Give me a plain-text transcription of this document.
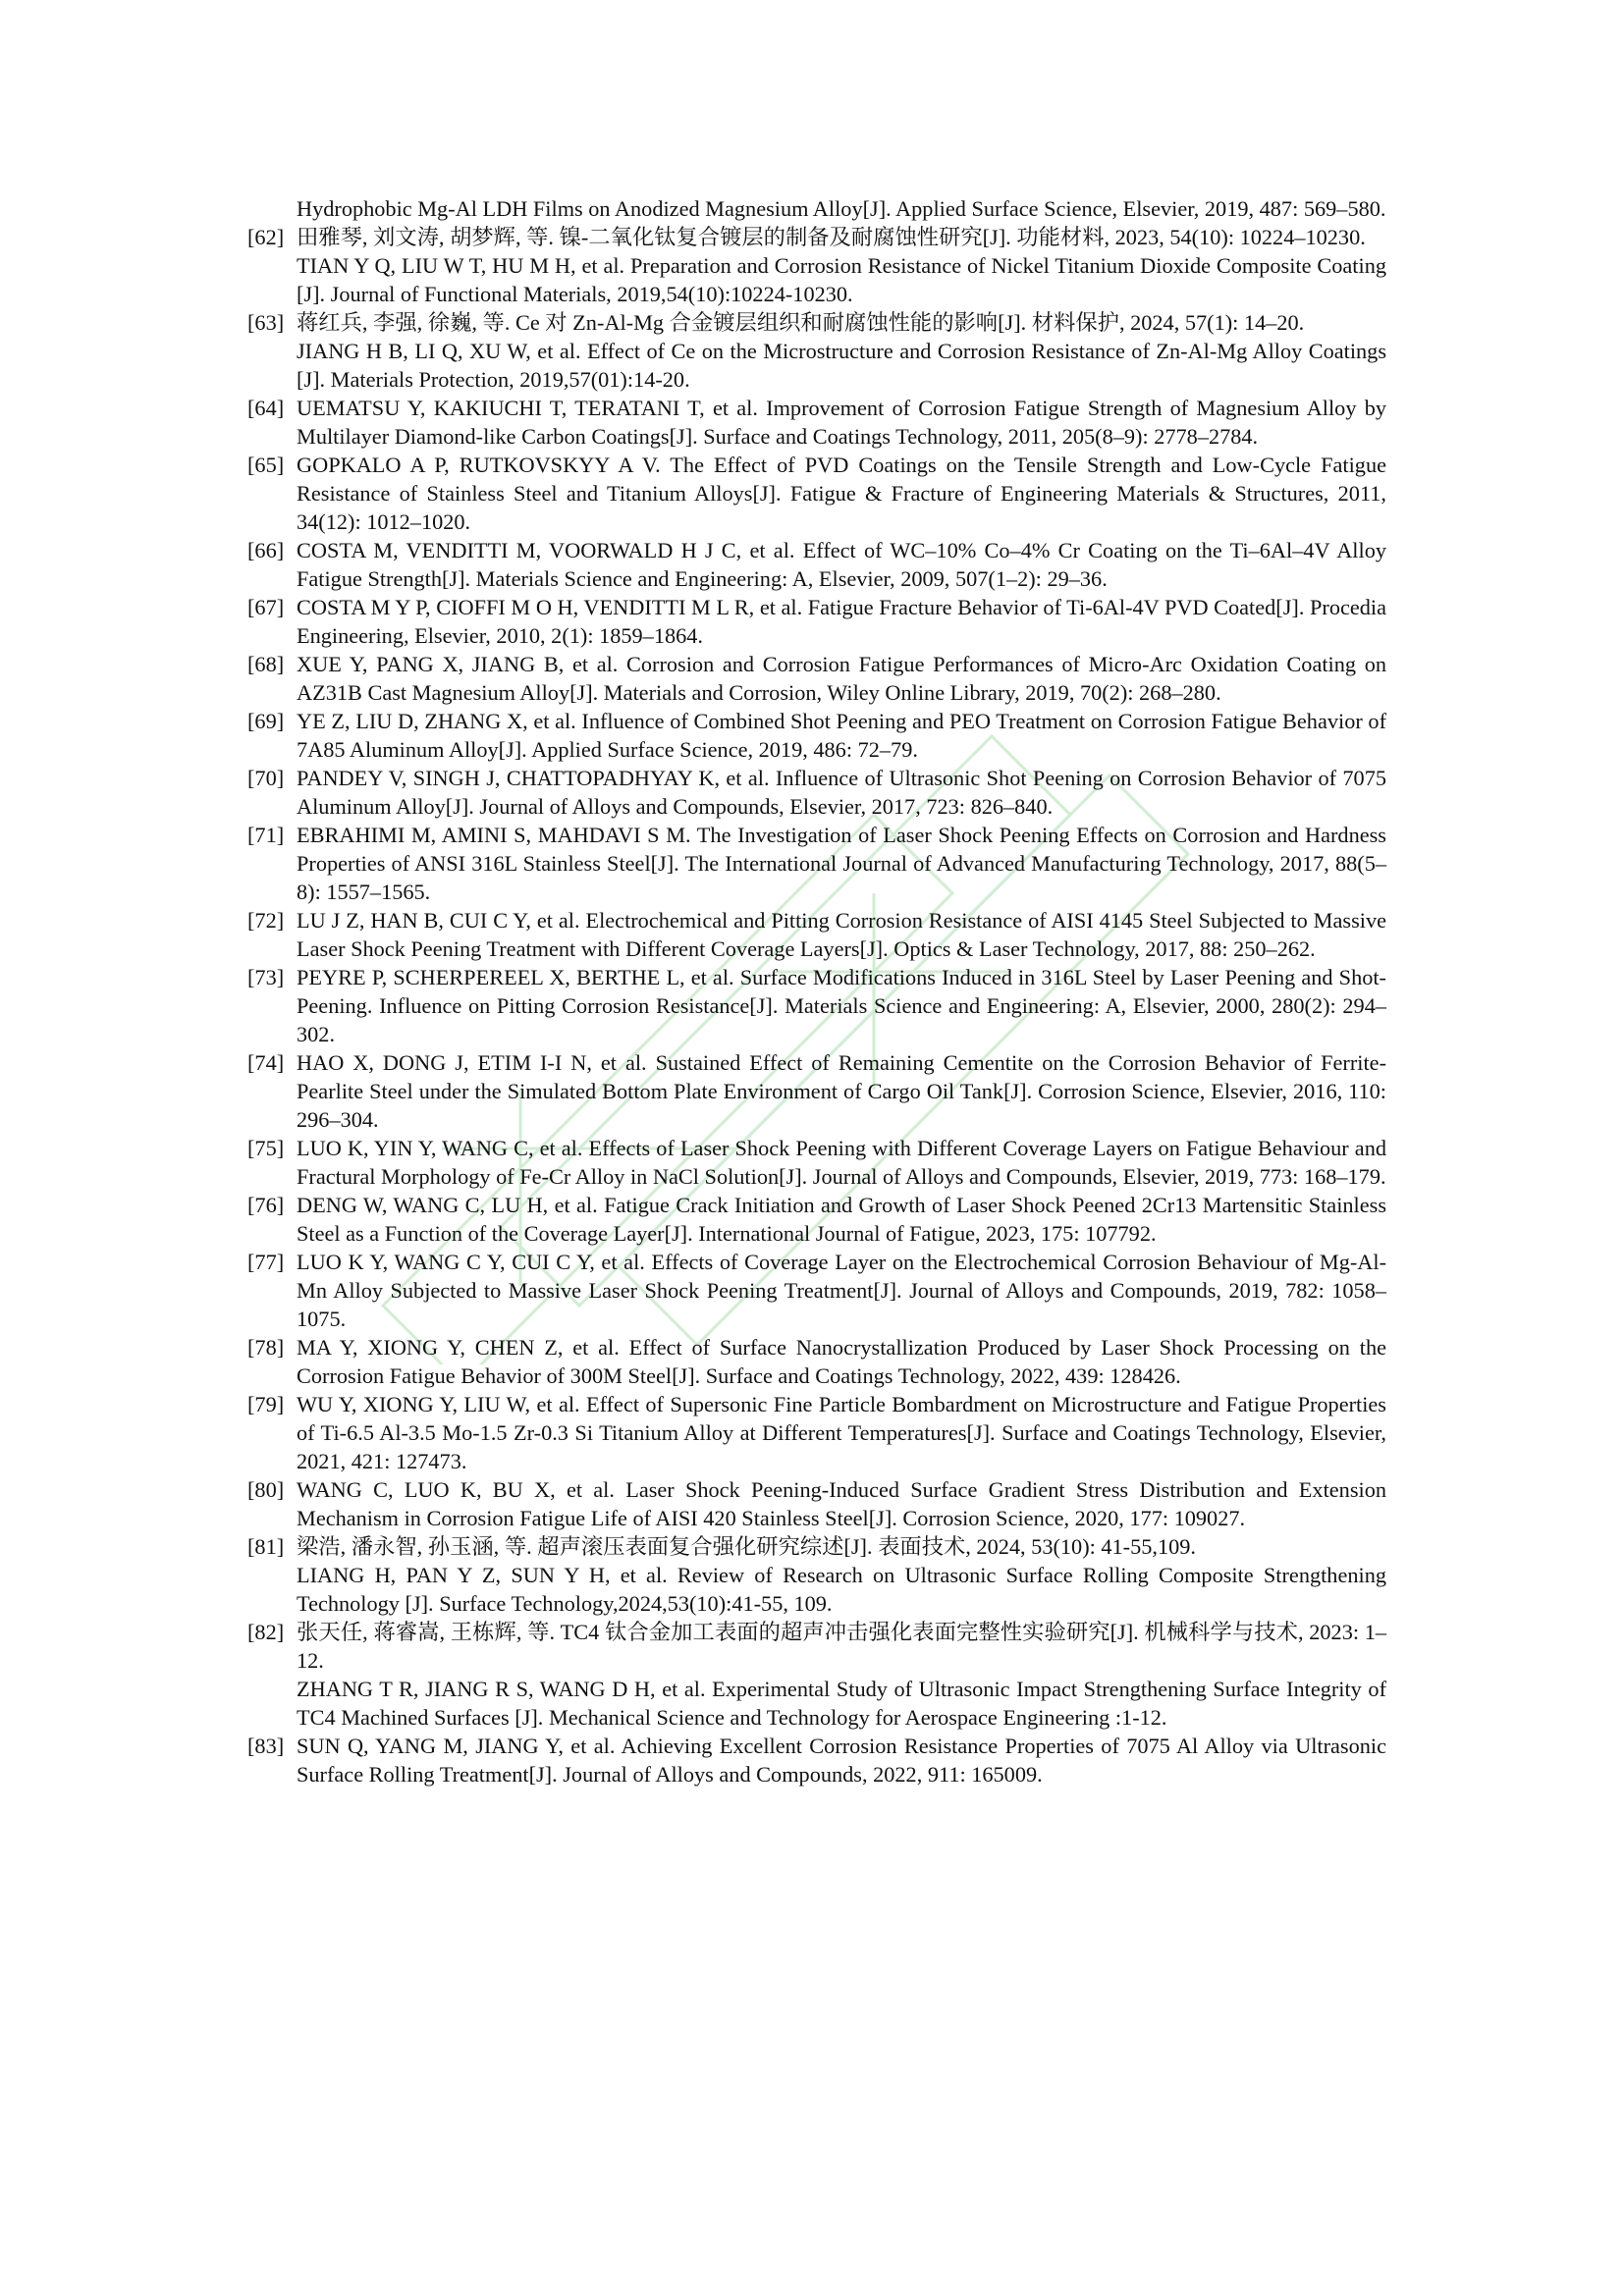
Hydrophobic Mg-Al LDH Films on Anodized Magnesium Alloy[J]. Applied Surface Science, Elsevier, 2019, 487: 569–580.
[62] 田雅琴, 刘文涛, 胡梦辉, 等. 镍-二氧化钛复合镀层的制备及耐腐蚀性研究[J]. 功能材料, 2023, 54(10): 10224–10230.
TIAN Y Q, LIU W T, HU M H, et al. Preparation and Corrosion Resistance of Nickel Titanium Dioxide Composite Coating [J]. Journal of Functional Materials, 2019,54(10):10224-10230.
[63] 蒋红兵, 李强, 徐巍, 等. Ce 对 Zn-Al-Mg 合金镀层组织和耐腐蚀性能的影响[J]. 材料保护, 2024, 57(1): 14–20.
JIANG H B, LI Q, XU W, et al. Effect of Ce on the Microstructure and Corrosion Resistance of Zn-Al-Mg Alloy Coatings [J]. Materials Protection, 2019,57(01):14-20.
[64] UEMATSU Y, KAKIUCHI T, TERATANI T, et al. Improvement of Corrosion Fatigue Strength of Magnesium Alloy by Multilayer Diamond-like Carbon Coatings[J]. Surface and Coatings Technology, 2011, 205(8–9): 2778–2784.
[65] GOPKALO A P, RUTKOVSKYY A V. The Effect of PVD Coatings on the Tensile Strength and Low-Cycle Fatigue Resistance of Stainless Steel and Titanium Alloys[J]. Fatigue & Fracture of Engineering Materials & Structures, 2011, 34(12): 1012–1020.
[66] COSTA M, VENDITTI M, VOORWALD H J C, et al. Effect of WC–10% Co–4% Cr Coating on the Ti–6Al–4V Alloy Fatigue Strength[J]. Materials Science and Engineering: A, Elsevier, 2009, 507(1–2): 29–36.
[67] COSTA M Y P, CIOFFI M O H, VENDITTI M L R, et al. Fatigue Fracture Behavior of Ti-6Al-4V PVD Coated[J]. Procedia Engineering, Elsevier, 2010, 2(1): 1859–1864.
[68] XUE Y, PANG X, JIANG B, et al. Corrosion and Corrosion Fatigue Performances of Micro-Arc Oxidation Coating on AZ31B Cast Magnesium Alloy[J]. Materials and Corrosion, Wiley Online Library, 2019, 70(2): 268–280.
[69] YE Z, LIU D, ZHANG X, et al. Influence of Combined Shot Peening and PEO Treatment on Corrosion Fatigue Behavior of 7A85 Aluminum Alloy[J]. Applied Surface Science, 2019, 486: 72–79.
[70] PANDEY V, SINGH J, CHATTOPADHYAY K, et al. Influence of Ultrasonic Shot Peening on Corrosion Behavior of 7075 Aluminum Alloy[J]. Journal of Alloys and Compounds, Elsevier, 2017, 723: 826–840.
[71] EBRAHIMI M, AMINI S, MAHDAVI S M. The Investigation of Laser Shock Peening Effects on Corrosion and Hardness Properties of ANSI 316L Stainless Steel[J]. The International Journal of Advanced Manufacturing Technology, 2017, 88(5–8): 1557–1565.
[72] LU J Z, HAN B, CUI C Y, et al. Electrochemical and Pitting Corrosion Resistance of AISI 4145 Steel Subjected to Massive Laser Shock Peening Treatment with Different Coverage Layers[J]. Optics & Laser Technology, 2017, 88: 250–262.
[73] PEYRE P, SCHERPEREEL X, BERTHE L, et al. Surface Modifications Induced in 316L Steel by Laser Peening and Shot-Peening. Influence on Pitting Corrosion Resistance[J]. Materials Science and Engineering: A, Elsevier, 2000, 280(2): 294–302.
[74] HAO X, DONG J, ETIM I-I N, et al. Sustained Effect of Remaining Cementite on the Corrosion Behavior of Ferrite-Pearlite Steel under the Simulated Bottom Plate Environment of Cargo Oil Tank[J]. Corrosion Science, Elsevier, 2016, 110: 296–304.
[75] LUO K, YIN Y, WANG C, et al. Effects of Laser Shock Peening with Different Coverage Layers on Fatigue Behaviour and Fractural Morphology of Fe-Cr Alloy in NaCl Solution[J]. Journal of Alloys and Compounds, Elsevier, 2019, 773: 168–179.
[76] DENG W, WANG C, LU H, et al. Fatigue Crack Initiation and Growth of Laser Shock Peened 2Cr13 Martensitic Stainless Steel as a Function of the Coverage Layer[J]. International Journal of Fatigue, 2023, 175: 107792.
[77] LUO K Y, WANG C Y, CUI C Y, et al. Effects of Coverage Layer on the Electrochemical Corrosion Behaviour of Mg-Al-Mn Alloy Subjected to Massive Laser Shock Peening Treatment[J]. Journal of Alloys and Compounds, 2019, 782: 1058–1075.
[78] MA Y, XIONG Y, CHEN Z, et al. Effect of Surface Nanocrystallization Produced by Laser Shock Processing on the Corrosion Fatigue Behavior of 300M Steel[J]. Surface and Coatings Technology, 2022, 439: 128426.
[79] WU Y, XIONG Y, LIU W, et al. Effect of Supersonic Fine Particle Bombardment on Microstructure and Fatigue Properties of Ti-6.5 Al-3.5 Mo-1.5 Zr-0.3 Si Titanium Alloy at Different Temperatures[J]. Surface and Coatings Technology, Elsevier, 2021, 421: 127473.
[80] WANG C, LUO K, BU X, et al. Laser Shock Peening-Induced Surface Gradient Stress Distribution and Extension Mechanism in Corrosion Fatigue Life of AISI 420 Stainless Steel[J]. Corrosion Science, 2020, 177: 109027.
[81] 梁浩, 潘永智, 孙玉涵, 等. 超声滚压表面复合强化研究综述[J]. 表面技术, 2024, 53(10): 41-55,109.
LIANG H, PAN Y Z, SUN Y H, et al. Review of Research on Ultrasonic Surface Rolling Composite Strengthening Technology [J]. Surface Technology,2024,53(10):41-55, 109.
[82] 张天任, 蒋睿嵩, 王栋辉, 等. TC4 钛合金加工表面的超声冲击强化表面完整性实验研究[J]. 机械科学与技术, 2023: 1–12.
ZHANG T R, JIANG R S, WANG D H, et al. Experimental Study of Ultrasonic Impact Strengthening Surface Integrity of TC4 Machined Surfaces [J]. Mechanical Science and Technology for Aerospace Engineering :1-12.
[83] SUN Q, YANG M, JIANG Y, et al. Achieving Excellent Corrosion Resistance Properties of 7075 Al Alloy via Ultrasonic Surface Rolling Treatment[J]. Journal of Alloys and Compounds, 2022, 911: 165009.
